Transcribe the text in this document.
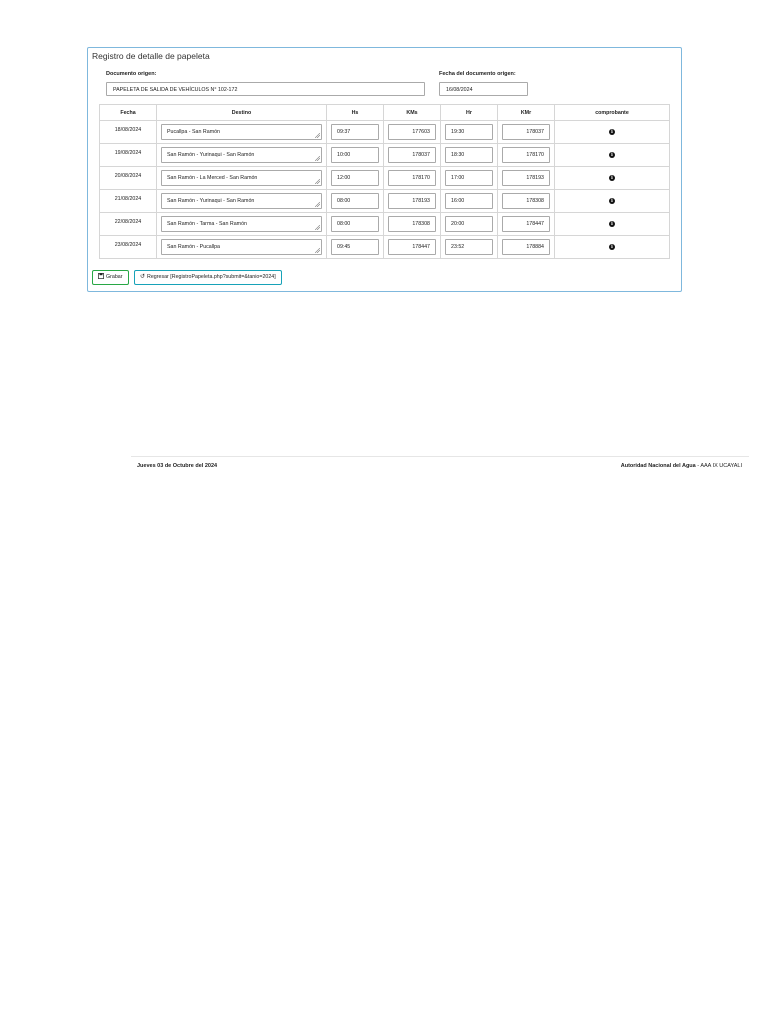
Registro de detalle de papeleta
Documento origen:
PAPELETA DE SALIDA DE VEHÍCULOS N° 102-172
Fecha del documento origen:
16/08/2024
Fecha	Destino	Hs	KMs	Hr	KMr	comprobante
18/08/2024	Pucallpa - San Ramón	09:37	177603	19:30	178037	i
19/08/2024	San Ramón - Yurinaqui - San Ramón	10:00	178037	18:30	178170	i
20/08/2024	San Ramón - La Merced - San Ramón	12:00	178170	17:00	178193	i
21/08/2024	San Ramón - Yurinaqui - San Ramón	08:00	178193	16:00	178308	i
22/08/2024	San Ramón - Tarma - San Ramón	08:00	178308	20:00	178447	i
23/08/2024	San Ramón - Pucallpa	09:45	178447	23:52	178884	i
Grabar	↺ Regresar [RegistroPapeleta.php?submit=&tanio=2024]
Jueves 03 de Octubre del 2024	Autoridad Nacional del Agua - AAA IX UCAYALI
